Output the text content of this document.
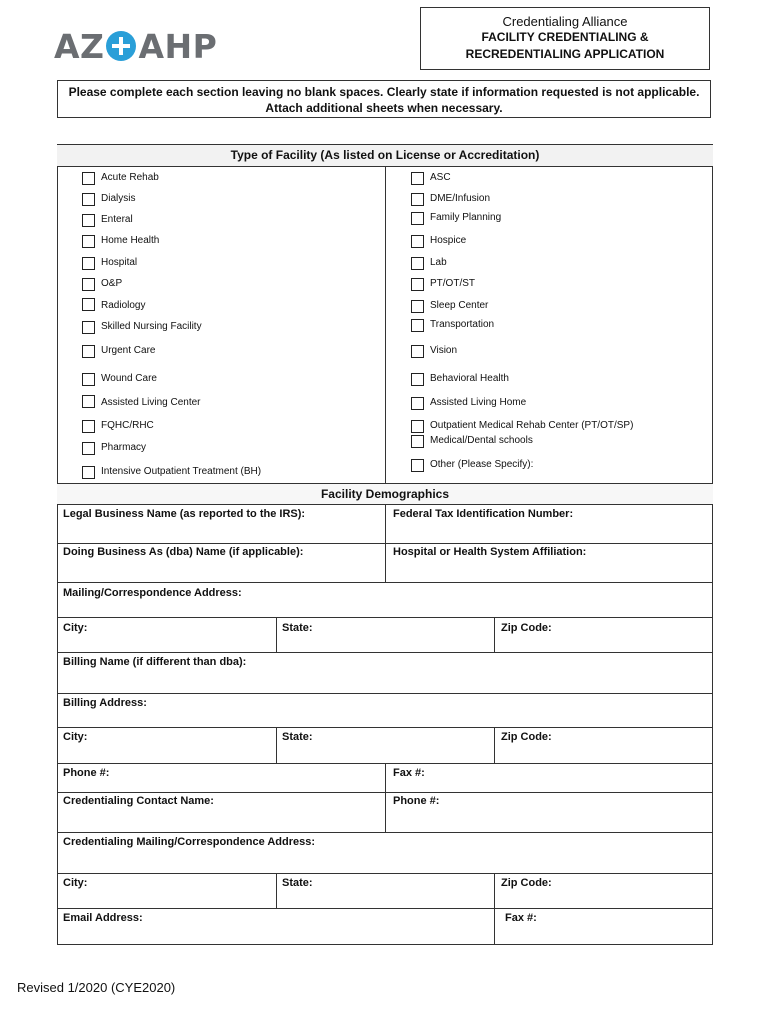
AZ AHP
Credentialing Alliance
FACILITY CREDENTIALING &
RECREDENTIALING APPLICATION
Please complete each section leaving no blank spaces. Clearly state if information requested is not applicable.
Attach additional sheets when necessary.
Type of Facility (As listed on License or Accreditation)
Acute Rehab
Dialysis
Enteral
Home Health
Hospital
O&P
Radiology
Skilled Nursing Facility
Urgent Care
Wound Care
Assisted Living Center
FQHC/RHC
Pharmacy
Intensive Outpatient Treatment (BH)
ASC
DME/Infusion
Family Planning
Hospice
Lab
PT/OT/ST
Sleep Center
Transportation
Vision
Behavioral Health
Assisted Living Home
Outpatient Medical Rehab Center (PT/OT/SP)
Medical/Dental schools
Other (Please Specify):
Facility Demographics
Legal Business Name (as reported to the IRS):	Federal Tax Identification Number:
Doing Business As (dba) Name (if applicable):	Hospital or Health System Affiliation:
Mailing/Correspondence Address:
City:	State:	Zip Code:
Billing Name (if different than dba):
Billing Address:
City:	State:	Zip Code:
Phone #:	Fax #:
Credentialing Contact Name:	Phone #:
Credentialing Mailing/Correspondence Address:
City:	State:	Zip Code:
Email Address:	Fax #:
Revised 1/2020 (CYE2020)
